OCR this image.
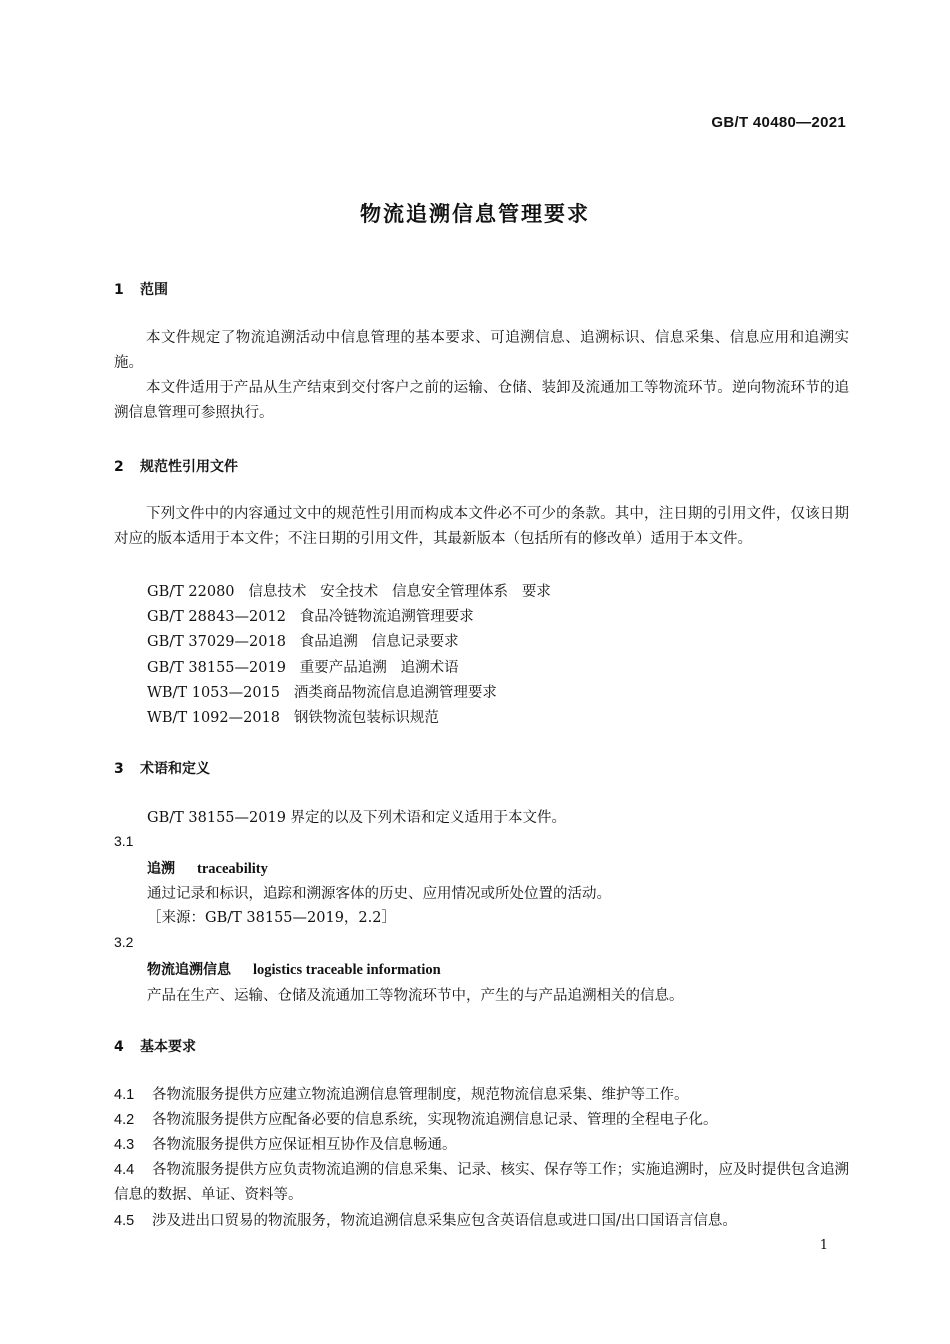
GB/T 40480—2021
物流追溯信息管理要求
1 范围

本文件规定了物流追溯活动中信息管理的基本要求、可追溯信息、追溯标识、信息采集、信息应用和追溯实施。

本文件适用于产品从生产结束到交付客户之前的运输、仓储、装卸及流通加工等物流环节。逆向物流环节的追溯信息管理可参照执行。

2 规范性引用文件

下列文件中的内容通过文中的规范性引用而构成本文件必不可少的条款。其中，注日期的引用文件，仅该日期对应的版本适用于本文件；不注日期的引用文件，其最新版本（包括所有的修改单）适用于本文件。

GB/T 22080   信息技术   安全技术   信息安全管理体系   要求
GB/T 28843—2012   食品冷链物流追溯管理要求
GB/T 37029—2018   食品追溯   信息记录要求
GB/T 38155—2019   重要产品追溯   追溯术语
WB/T 1053—2015   酒类商品物流信息追溯管理要求
WB/T 1092—2018   钢铁物流包装标识规范
3 术语和定义
GB/T 38155—2019 界定的以及下列术语和定义适用于本文件。
3.1
追溯 traceability
通过记录和标识，追踪和溯源客体的历史、应用情况或所处位置的活动。
［来源：GB/T 38155—2019，2.2］
3.2
物流追溯信息 logistics traceable information
产品在生产、运输、仓储及流通加工等物流环节中，产生的与产品追溯相关的信息。
4 基本要求
4.1 各物流服务提供方应建立物流追溯信息管理制度，规范物流信息采集、维护等工作。
4.2 各物流服务提供方应配备必要的信息系统，实现物流追溯信息记录、管理的全程电子化。
4.3 各物流服务提供方应保证相互协作及信息畅通。
4.4 各物流服务提供方应负责物流追溯的信息采集、记录、核实、保存等工作；实施追溯时，应及时提供包含追溯信息的数据、单证、资料等。
4.5 涉及进出口贸易的物流服务，物流追溯信息采集应包含英语信息或进口国/出口国语言信息。
1
